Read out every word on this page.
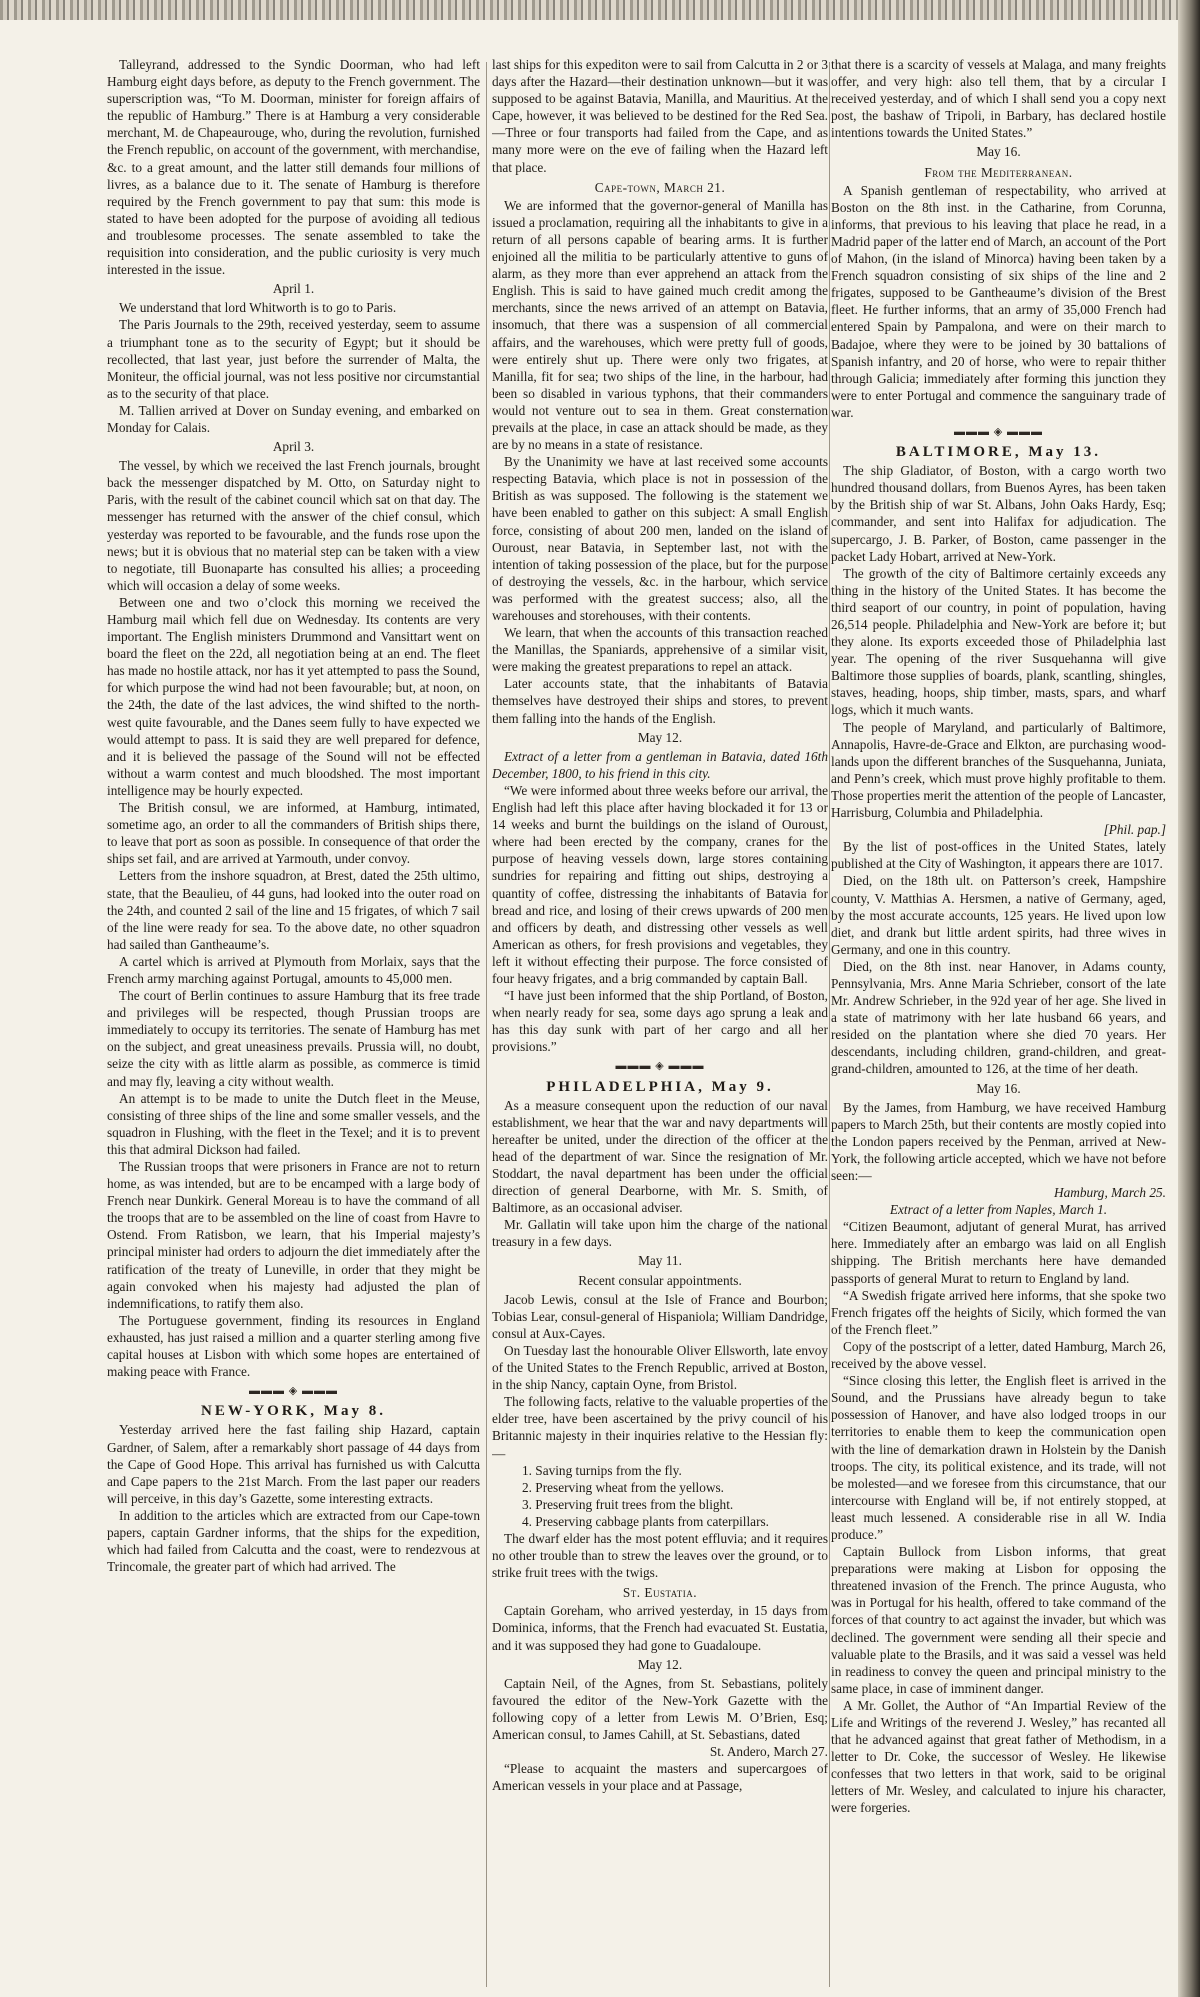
Talleyrand, addressed to the Syndic Doorman, who had left Hamburg eight days before, as deputy to the French government. The superscription was, “To M. Doorman, minister for foreign affairs of the republic of Hamburg.” There is at Hamburg a very considerable merchant, M. de Chapeaurouge, who, during the revolution, furnished the French republic, on account of the government, with merchandise, &c. to a great amount, and the latter still demands four millions of livres, as a balance due to it. The senate of Hamburg is therefore required by the French government to pay that sum: this mode is stated to have been adopted for the purpose of avoiding all tedious and troublesome processes. The senate assembled to take the requisition into consideration, and the public curiosity is very much interested in the issue.

April 1.

We understand that lord Whitworth is to go to Paris.

The Paris Journals to the 29th, received yesterday, seem to assume a triumphant tone as to the security of Egypt; but it should be recollected, that last year, just before the surrender of Malta, the Moniteur, the official journal, was not less positive nor circumstantial as to the security of that place.

M. Tallien arrived at Dover on Sunday evening, and embarked on Monday for Calais.

April 3.

The vessel, by which we received the last French journals, brought back the messenger dispatched by M. Otto, on Saturday night to Paris, with the result of the cabinet council which sat on that day. The messenger has returned with the answer of the chief consul, which yesterday was reported to be favourable, and the funds rose upon the news; but it is obvious that no material step can be taken with a view to negotiate, till Buonaparte has consulted his allies; a proceeding which will occasion a delay of some weeks.

Between one and two o’clock this morning we received the Hamburg mail which fell due on Wednesday. Its contents are very important. The English ministers Drummond and Vansittart went on board the fleet on the 22d, all negotiation being at an end. The fleet has made no hostile attack, nor has it yet attempted to pass the Sound, for which purpose the wind had not been favourable; but, at noon, on the 24th, the date of the last advices, the wind shifted to the north-west quite favourable, and the Danes seem fully to have expected we would attempt to pass. It is said they are well prepared for defence, and it is believed the passage of the Sound will not be effected without a warm contest and much bloodshed. The most important intelligence may be hourly expected.

The British consul, we are informed, at Hamburg, intimated, sometime ago, an order to all the commanders of British ships there, to leave that port as soon as possible. In consequence of that order the ships set fail, and are arrived at Yarmouth, under convoy.

Letters from the inshore squadron, at Brest, dated the 25th ultimo, state, that the Beaulieu, of 44 guns, had looked into the outer road on the 24th, and counted 2 sail of the line and 15 frigates, of which 7 sail of the line were ready for sea. To the above date, no other squadron had sailed than Gantheaume’s.

A cartel which is arrived at Plymouth from Morlaix, says that the French army marching against Portugal, amounts to 45,000 men.

The court of Berlin continues to assure Hamburg that its free trade and privileges will be respected, though Prussian troops are immediately to occupy its territories. The senate of Hamburg has met on the subject, and great uneasiness prevails. Prussia will, no doubt, seize the city with as little alarm as possible, as commerce is timid and may fly, leaving a city without wealth.

An attempt is to be made to unite the Dutch fleet in the Meuse, consisting of three ships of the line and some smaller vessels, and the squadron in Flushing, with the fleet in the Texel; and it is to prevent this that admiral Dickson had failed.

The Russian troops that were prisoners in France are not to return home, as was intended, but are to be encamped with a large body of French near Dunkirk. General Moreau is to have the command of all the troops that are to be assembled on the line of coast from Havre to Ostend. From Ratisbon, we learn, that his Imperial majesty’s principal minister had orders to adjourn the diet immediately after the ratification of the treaty of Luneville, in order that they might be again convoked when his majesty had adjusted the plan of indemnifications, to ratify them also.

The Portuguese government, finding its resources in England exhausted, has just raised a million and a quarter sterling among five capital houses at Lisbon with which some hopes are entertained of making peace with France.

▬▬▬ ◈ ▬▬▬

NEW-YORK, May 8.

Yesterday arrived here the fast failing ship Hazard, captain Gardner, of Salem, after a remarkably short passage of 44 days from the Cape of Good Hope. This arrival has furnished us with Calcutta and Cape papers to the 21st March. From the last paper our readers will perceive, in this day’s Gazette, some interesting extracts.

In addition to the articles which are extracted from our Cape-town papers, captain Gardner informs, that the ships for the expedition, which had failed from Calcutta and the coast, were to rendezvous at Trincomale, the greater part of which had arrived. The

last ships for this expediton were to sail from Calcutta in 2 or 3 days after the Hazard—their destination unknown—but it was supposed to be against Batavia, Manilla, and Mauritius. At the Cape, however, it was believed to be destined for the Red Sea.—Three or four transports had failed from the Cape, and as many more were on the eve of failing when the Hazard left that place.

Cape-town, March 21.

We are informed that the governor-general of Manilla has issued a proclamation, requiring all the inhabitants to give in a return of all persons capable of bearing arms. It is further enjoined all the militia to be particularly attentive to guns of alarm, as they more than ever apprehend an attack from the English. This is said to have gained much credit among the merchants, since the news arrived of an attempt on Batavia, insomuch, that there was a suspension of all commercial affairs, and the warehouses, which were pretty full of goods, were entirely shut up. There were only two frigates, at Manilla, fit for sea; two ships of the line, in the harbour, had been so disabled in various typhons, that their commanders would not venture out to sea in them. Great consternation prevails at the place, in case an attack should be made, as they are by no means in a state of resistance.

By the Unanimity we have at last received some accounts respecting Batavia, which place is not in possession of the British as was supposed. The following is the statement we have been enabled to gather on this subject: A small English force, consisting of about 200 men, landed on the island of Ouroust, near Batavia, in September last, not with the intention of taking possession of the place, but for the purpose of destroying the vessels, &c. in the harbour, which service was performed with the greatest success; also, all the warehouses and storehouses, with their contents.

We learn, that when the accounts of this transaction reached the Manillas, the Spaniards, apprehensive of a similar visit, were making the greatest preparations to repel an attack.

Later accounts state, that the inhabitants of Batavia themselves have destroyed their ships and stores, to prevent them falling into the hands of the English.

May 12.

Extract of a letter from a gentleman in Batavia, dated 16th December, 1800, to his friend in this city.

“We were informed about three weeks before our arrival, the English had left this place after having blockaded it for 13 or 14 weeks and burnt the buildings on the island of Ouroust, where had been erected by the company, cranes for the purpose of heaving vessels down, large stores containing sundries for repairing and fitting out ships, destroying a quantity of coffee, distressing the inhabitants of Batavia for bread and rice, and losing of their crews upwards of 200 men and officers by death, and distressing other vessels as well American as others, for fresh provisions and vegetables, they left it without effecting their purpose. The force consisted of four heavy frigates, and a brig commanded by captain Ball.

“I have just been informed that the ship Portland, of Boston, when nearly ready for sea, some days ago sprung a leak and has this day sunk with part of her cargo and all her provisions.”

▬▬▬ ◈ ▬▬▬

PHILADELPHIA, May 9.

As a measure consequent upon the reduction of our naval establishment, we hear that the war and navy departments will hereafter be united, under the direction of the officer at the head of the department of war. Since the resignation of Mr. Stoddart, the naval department has been under the official direction of general Dearborne, with Mr. S. Smith, of Baltimore, as an occasional adviser.

Mr. Gallatin will take upon him the charge of the national treasury in a few days.

May 11.

Recent consular appointments.

Jacob Lewis, consul at the Isle of France and Bourbon; Tobias Lear, consul-general of Hispaniola; William Dandridge, consul at Aux-Cayes.

On Tuesday last the honourable Oliver Ellsworth, late envoy of the United States to the French Republic, arrived at Boston, in the ship Nancy, captain Oyne, from Bristol.

The following facts, relative to the valuable properties of the elder tree, have been ascertained by the privy council of his Britannic majesty in their inquiries relative to the Hessian fly:—

1. Saving turnips from the fly.
2. Preserving wheat from the yellows.
3. Preserving fruit trees from the blight.
4. Preserving cabbage plants from caterpillars.

The dwarf elder has the most potent effluvia; and it requires no other trouble than to strew the leaves over the ground, or to strike fruit trees with the twigs.

St. Eustatia.

Captain Goreham, who arrived yesterday, in 15 days from Dominica, informs, that the French had evacuated St. Eustatia, and it was supposed they had gone to Guadaloupe.

May 12.

Captain Neil, of the Agnes, from St. Sebastians, politely favoured the editor of the New-York Gazette with the following copy of a letter from Lewis M. O’Brien, Esq; American consul, to James Cahill, at St. Sebastians, dated

St. Andero, March 27.

“Please to acquaint the masters and supercargoes of American vessels in your place and at Passage,

that there is a scarcity of vessels at Malaga, and many freights offer, and very high: also tell them, that by a circular I received yesterday, and of which I shall send you a copy next post, the bashaw of Tripoli, in Barbary, has declared hostile intentions towards the United States.”

May 16.

From the Mediterranean.

A Spanish gentleman of respectability, who arrived at Boston on the 8th inst. in the Catharine, from Corunna, informs, that previous to his leaving that place he read, in a Madrid paper of the latter end of March, an account of the Port of Mahon, (in the island of Minorca) having been taken by a French squadron consisting of six ships of the line and 2 frigates, supposed to be Gantheaume’s division of the Brest fleet. He further informs, that an army of 35,000 French had entered Spain by Pampalona, and were on their march to Badajoe, where they were to be joined by 30 battalions of Spanish infantry, and 20 of horse, who were to repair thither through Galicia; immediately after forming this junction they were to enter Portugal and commence the sanguinary trade of war.

▬▬▬ ◈ ▬▬▬

BALTIMORE, May 13.

The ship Gladiator, of Boston, with a cargo worth two hundred thousand dollars, from Buenos Ayres, has been taken by the British ship of war St. Albans, John Oaks Hardy, Esq; commander, and sent into Halifax for adjudication. The supercargo, J. B. Parker, of Boston, came passenger in the packet Lady Hobart, arrived at New-York.

The growth of the city of Baltimore certainly exceeds any thing in the history of the United States. It has become the third seaport of our country, in point of population, having 26,514 people. Philadelphia and New-York are before it; but they alone. Its exports exceeded those of Philadelphia last year. The opening of the river Susquehanna will give Baltimore those supplies of boards, plank, scantling, shingles, staves, heading, hoops, ship timber, masts, spars, and wharf logs, which it much wants.

The people of Maryland, and particularly of Baltimore, Annapolis, Havre-de-Grace and Elkton, are purchasing wood-lands upon the different branches of the Susquehanna, Juniata, and Penn’s creek, which must prove highly profitable to them. Those properties merit the attention of the people of Lancaster, Harrisburg, Columbia and Philadelphia.

[Phil. pap.]

By the list of post-offices in the United States, lately published at the City of Washington, it appears there are 1017.

Died, on the 18th ult. on Patterson’s creek, Hampshire county, V. Matthias A. Hersmen, a native of Germany, aged, by the most accurate accounts, 125 years. He lived upon low diet, and drank but little ardent spirits, had three wives in Germany, and one in this country.

Died, on the 8th inst. near Hanover, in Adams county, Pennsylvania, Mrs. Anne Maria Schrieber, consort of the late Mr. Andrew Schrieber, in the 92d year of her age. She lived in a state of matrimony with her late husband 66 years, and resided on the plantation where she died 70 years. Her descendants, including children, grand-children, and great-grand-children, amounted to 126, at the time of her death.

May 16.

By the James, from Hamburg, we have received Hamburg papers to March 25th, but their contents are mostly copied into the London papers received by the Penman, arrived at New-York, the following article accepted, which we have not before seen:—

Hamburg, March 25.

Extract of a letter from Naples, March 1.

“Citizen Beaumont, adjutant of general Murat, has arrived here. Immediately after an embargo was laid on all English shipping. The British merchants here have demanded passports of general Murat to return to England by land.

“A Swedish frigate arrived here informs, that she spoke two French frigates off the heights of Sicily, which formed the van of the French fleet.”

Copy of the postscript of a letter, dated Hamburg, March 26, received by the above vessel.

“Since closing this letter, the English fleet is arrived in the Sound, and the Prussians have already begun to take possession of Hanover, and have also lodged troops in our territories to enable them to keep the communication open with the line of demarkation drawn in Holstein by the Danish troops. The city, its political existence, and its trade, will not be molested—and we foresee from this circumstance, that our intercourse with England will be, if not entirely stopped, at least much lessened. A considerable rise in all W. India produce.”

Captain Bullock from Lisbon informs, that great preparations were making at Lisbon for opposing the threatened invasion of the French. The prince Augusta, who was in Portugal for his health, offered to take command of the forces of that country to act against the invader, but which was declined. The government were sending all their specie and valuable plate to the Brasils, and it was said a vessel was held in readiness to convey the queen and principal ministry to the same place, in case of imminent danger.

A Mr. Gollet, the Author of “An Impartial Review of the Life and Writings of the reverend J. Wesley,” has recanted all that he advanced against that great father of Methodism, in a letter to Dr. Coke, the successor of Wesley. He likewise confesses that two letters in that work, said to be original letters of Mr. Wesley, and calculated to injure his character, were forgeries.
